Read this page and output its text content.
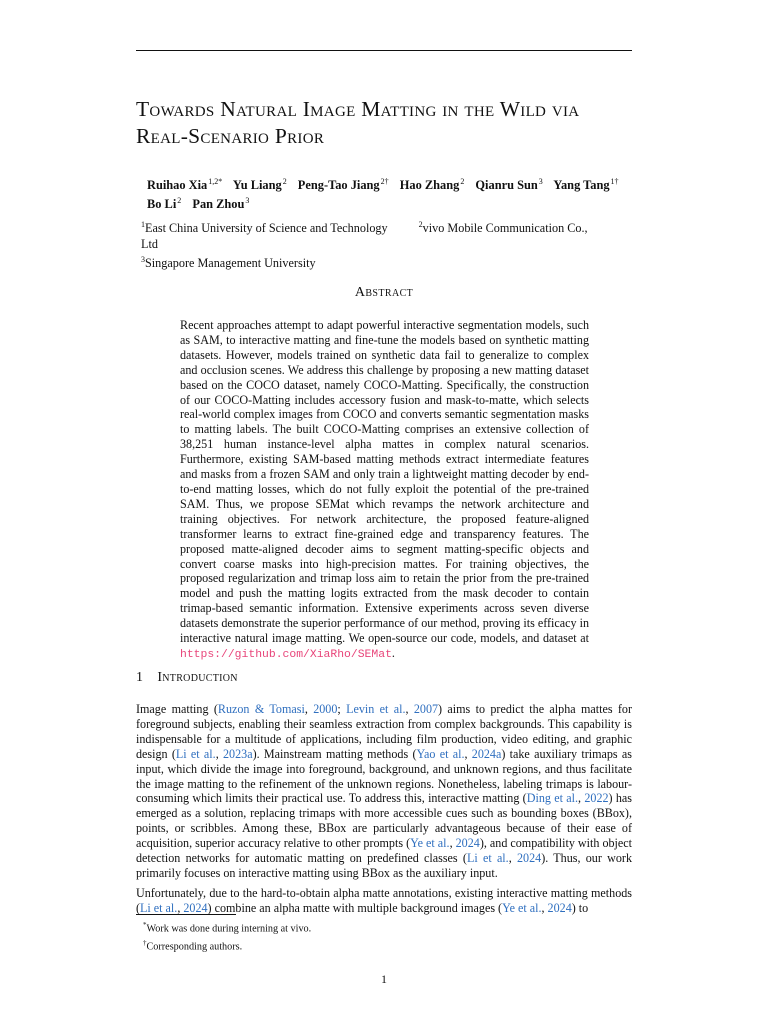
Towards Natural Image Matting in the Wild via Real-Scenario Prior
Ruihao Xia$^{1,2*}$ Yu Liang$^2$ Peng-Tao Jiang$^{2\dagger}$ Hao Zhang$^2$ Qianru Sun$^3$ Yang Tang$^{1\dagger}$
Bo Li$^2$ Pan Zhou$^3$
$^1$East China University of Science and Technology	$^2$vivo Mobile Communication Co., Ltd
$^3$Singapore Management University
Abstract
Recent approaches attempt to adapt powerful interactive segmentation models, such as SAM, to interactive matting and fine-tune the models based on synthetic matting datasets. However, models trained on synthetic data fail to generalize to complex and occlusion scenes. We address this challenge by proposing a new matting dataset based on the COCO dataset, namely COCO-Matting. Specifically, the construction of our COCO-Matting includes accessory fusion and mask-to-matte, which selects real-world complex images from COCO and converts semantic segmentation masks to matting labels. The built COCO-Matting comprises an extensive collection of 38,251 human instance-level alpha mattes in complex natural scenarios. Furthermore, existing SAM-based matting methods extract intermediate features and masks from a frozen SAM and only train a lightweight matting decoder by end-to-end matting losses, which do not fully exploit the potential of the pre-trained SAM. Thus, we propose SEMat which revamps the network architecture and training objectives. For network architecture, the proposed feature-aligned transformer learns to extract fine-grained edge and transparency features. The proposed matte-aligned decoder aims to segment matting-specific objects and convert coarse masks into high-precision mattes. For training objectives, the proposed regularization and trimap loss aim to retain the prior from the pre-trained model and push the matting logits extracted from the mask decoder to contain trimap-based semantic information. Extensive experiments across seven diverse datasets demonstrate the superior performance of our method, proving its efficacy in interactive natural image matting. We open-source our code, models, and dataset at https://github.com/XiaRho/SEMat.
1 Introduction

Image matting (Ruzon & Tomasi, 2000; Levin et al., 2007) aims to predict the alpha mattes for foreground subjects, enabling their seamless extraction from complex backgrounds. This capability is indispensable for a multitude of applications, including film production, video editing, and graphic design (Li et al., 2023a). Mainstream matting methods (Yao et al., 2024a) take auxiliary trimaps as input, which divide the image into foreground, background, and unknown regions, and thus facilitate the image matting to the refinement of the unknown regions. Nonetheless, labeling trimaps is labour-consuming which limits their practical use. To address this, interactive matting (Ding et al., 2022) has emerged as a solution, replacing trimaps with more accessible cues such as bounding boxes (BBox), points, or scribbles. Among these, BBox are particularly advantageous because of their ease of acquisition, superior accuracy relative to other prompts (Ye et al., 2024), and compatibility with object detection networks for automatic matting on predefined classes (Li et al., 2024). Thus, our work primarily focuses on interactive matting using BBox as the auxiliary input.

Unfortunately, due to the hard-to-obtain alpha matte annotations, existing interactive matting methods (Li et al., 2024) combine an alpha matte with multiple background images (Ye et al., 2024) to

*Work was done during interning at vivo.
†Corresponding authors.
1
